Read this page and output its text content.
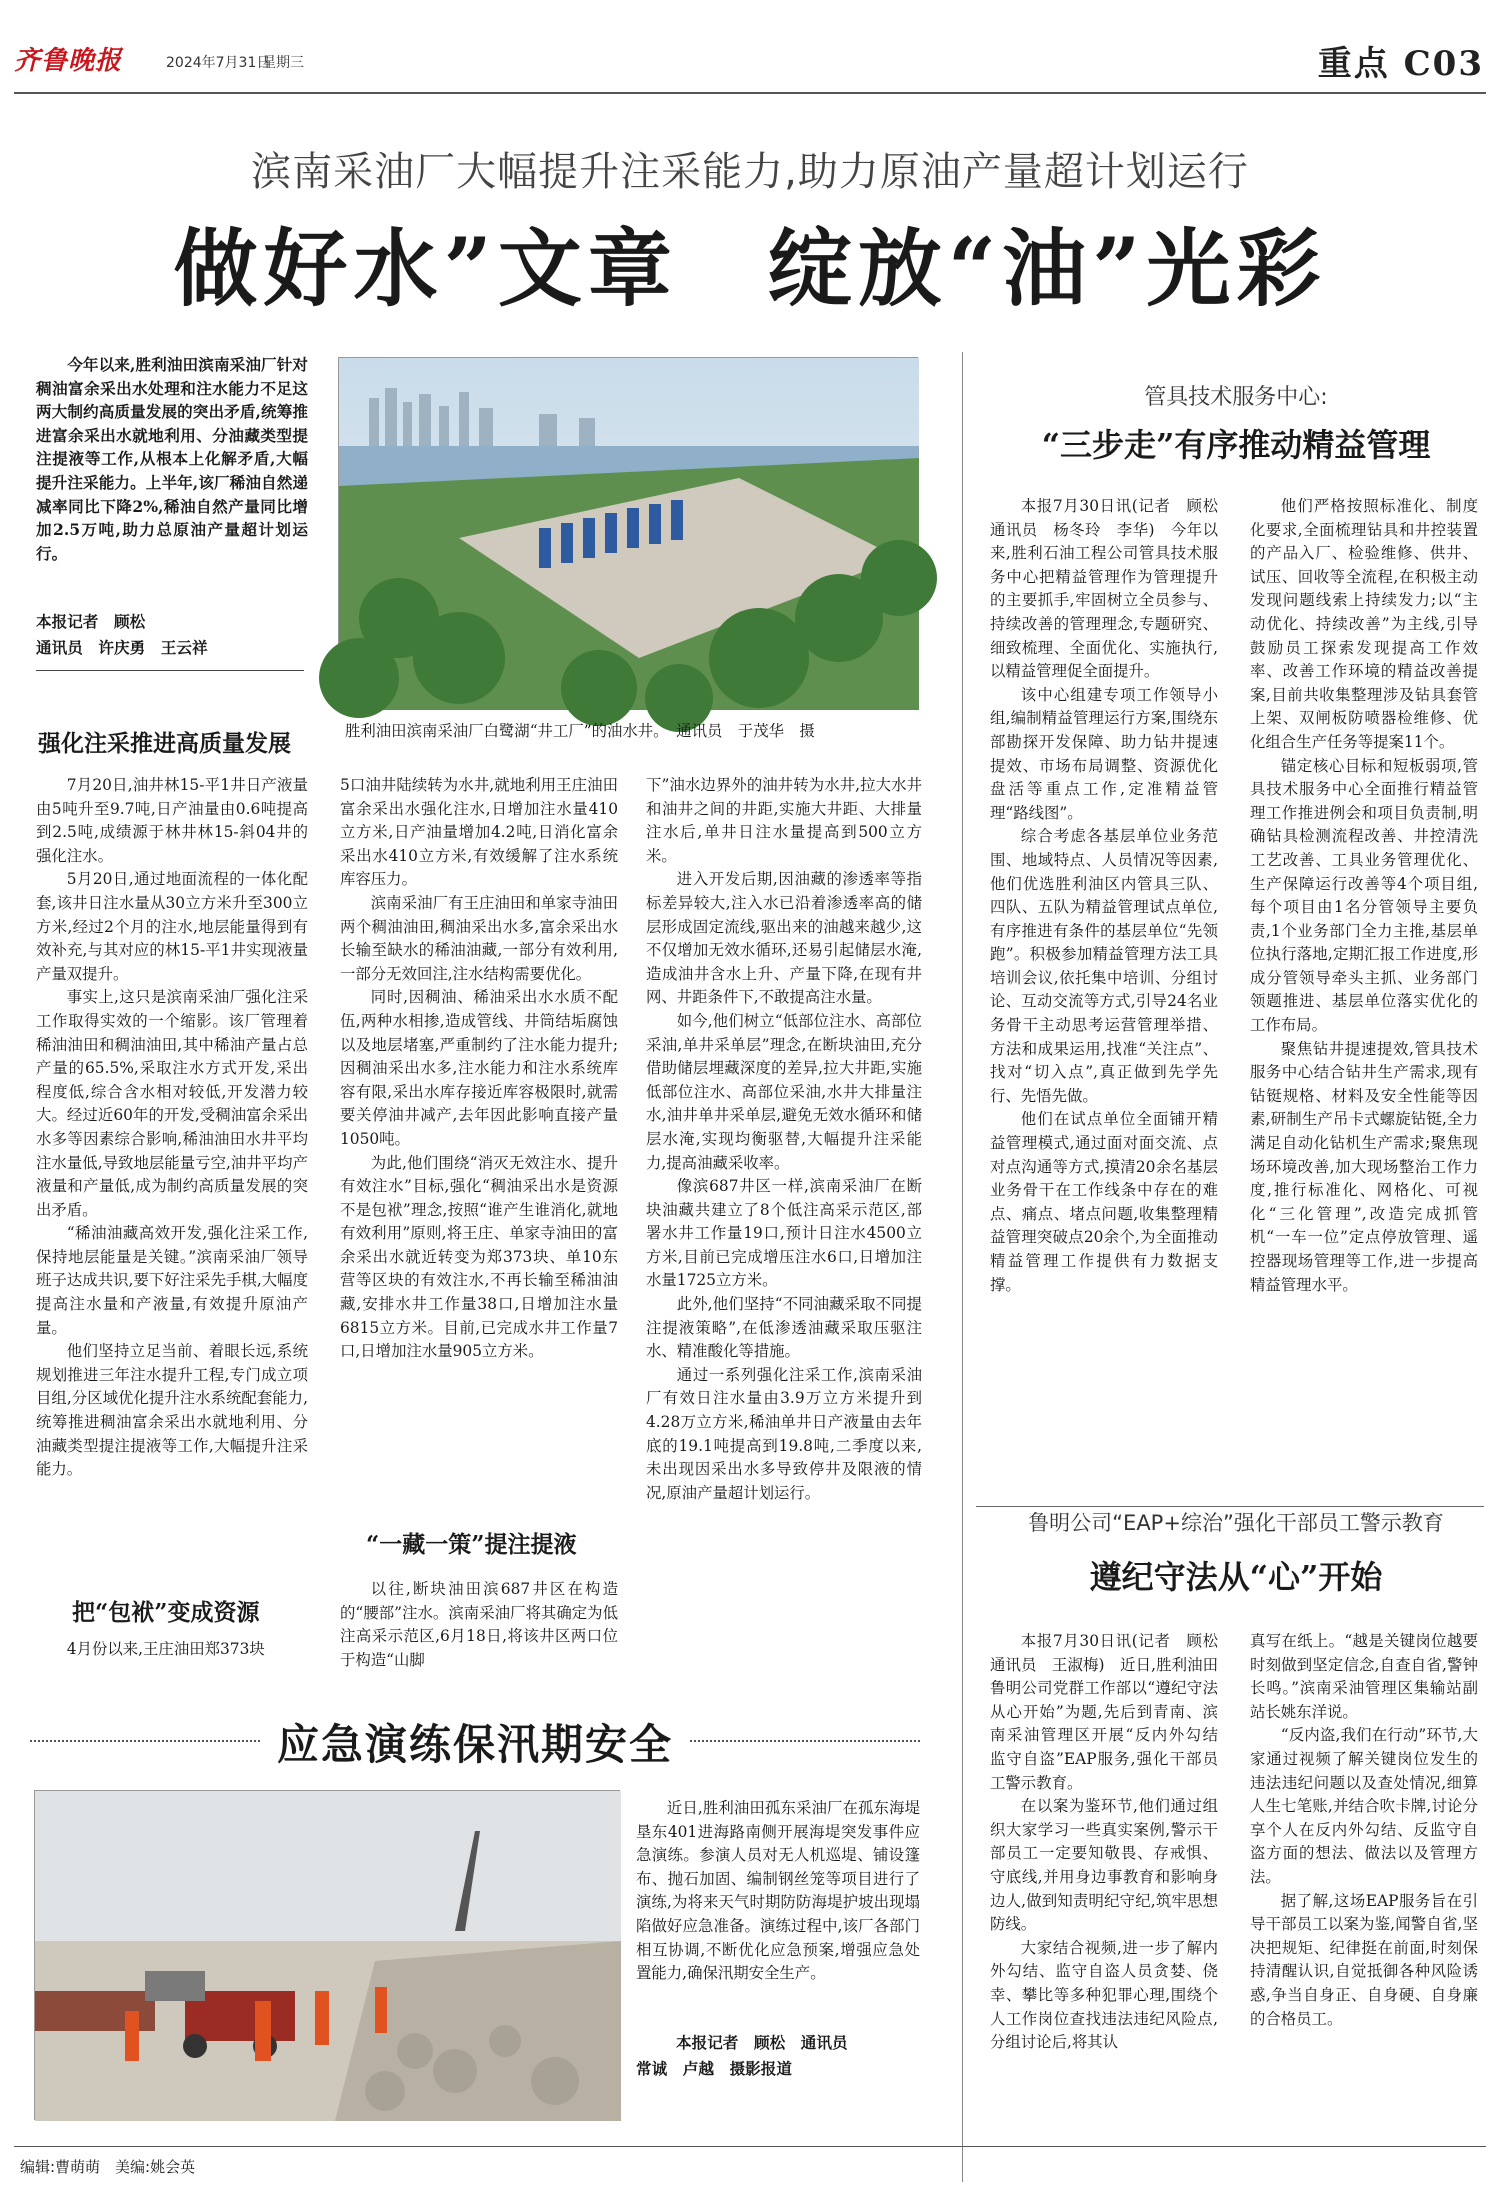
齐鲁晚报	2024年7月31日
星期三	重点 C03
滨南采油厂大幅提升注采能力,助力原油产量超计划运行
做好水”文章　绽放“油”光彩
今年以来,胜利油田滨南采油厂针对稠油富余采出水处理和注水能力不足这两大制约高质量发展的突出矛盾,统筹推进富余采出水就地利用、分油藏类型提注提液等工作,从根本上化解矛盾,大幅提升注采能力。上半年,该厂稀油自然递减率同比下降2%,稀油自然产量同比增加2.5万吨,助力总原油产量超计划运行。
本报记者　顾松
通讯员　许庆勇　王云祥
胜利油田滨南采油厂白鹭湖“井工厂”的油水井。　通讯员　于茂华　摄
强化注采推进高质量发展

7月20日,油井林15-平1井日产液量由5吨升至9.7吨,日产油量由0.6吨提高到2.5吨,成绩源于林井林15-斜04井的强化注水。

5月20日,通过地面流程的一体化配套,该井日注水量从30立方米升至300立方米,经过2个月的注水,地层能量得到有效补充,与其对应的林15-平1井实现液量产量双提升。

事实上,这只是滨南采油厂强化注采工作取得实效的一个缩影。该厂管理着稀油油田和稠油油田,其中稀油产量占总产量的65.5%,采取注水方式开发,采出程度低,综合含水相对较低,开发潜力较大。经过近60年的开发,受稠油富余采出水多等因素综合影响,稀油油田水井平均注水量低,导致地层能量亏空,油井平均产液量和产量低,成为制约高质量发展的突出矛盾。

“稀油油藏高效开发,强化注采工作,保持地层能量是关键。”滨南采油厂领导班子达成共识,要下好注采先手棋,大幅度提高注水量和产液量,有效提升原油产量。

他们坚持立足当前、着眼长远,系统规划推进三年注水提升工程,专门成立项目组,分区域优化提升注水系统配套能力,统筹推进稠油富余采出水就地利用、分油藏类型提注提液等工作,大幅提升注采能力。

把“包袱”变成资源
4月份以来,王庄油田郑373块

5口油井陆续转为水井,就地利用王庄油田富余采出水强化注水,日增加注水量410立方米,日产油量增加4.2吨,日消化富余采出水410立方米,有效缓解了注水系统库容压力。

滨南采油厂有王庄油田和单家寺油田两个稠油油田,稠油采出水多,富余采出水长输至缺水的稀油油藏,一部分有效利用,一部分无效回注,注水结构需要优化。

同时,因稠油、稀油采出水水质不配伍,两种水相掺,造成管线、井筒结垢腐蚀以及地层堵塞,严重制约了注水能力提升;因稠油采出水多,注水能力和注水系统库容有限,采出水库存接近库容极限时,就需要关停油井减产,去年因此影响直接产量1050吨。

为此,他们围绕“消灭无效注水、提升有效注水”目标,强化“稠油采出水是资源不是包袱”理念,按照“谁产生谁消化,就地有效利用”原则,将王庄、单家寺油田的富余采出水就近转变为郑373块、单10东营等区块的有效注水,不再长输至稀油油藏,安排水井工作量38口,日增加注水量6815立方米。目前,已完成水井工作量7口,日增加注水量905立方米。

“一藏一策”提注提液
以往,断块油田滨687井区在构造的“腰部”注水。滨南采油厂将其确定为低注高采示范区,6月18日,将该井区两口位于构造“山脚

下”油水边界外的油井转为水井,拉大水井和油井之间的井距,实施大井距、大排量注水后,单井日注水量提高到500立方米。

进入开发后期,因油藏的渗透率等指标差异较大,注入水已沿着渗透率高的储层形成固定流线,驱出来的油越来越少,这不仅增加无效水循环,还易引起储层水淹,造成油井含水上升、产量下降,在现有井网、井距条件下,不敢提高注水量。

如今,他们树立“低部位注水、高部位采油,单井采单层”理念,在断块油田,充分借助储层埋藏深度的差异,拉大井距,实施低部位注水、高部位采油,水井大排量注水,油井单井采单层,避免无效水循环和储层水淹,实现均衡驱替,大幅提升注采能力,提高油藏采收率。

像滨687井区一样,滨南采油厂在断块油藏共建立了8个低注高采示范区,部署水井工作量19口,预计日注水4500立方米,目前已完成增压注水6口,日增加注水量1725立方米。

此外,他们坚持“不同油藏采取不同提注提液策略”,在低渗透油藏采取压驱注水、精准酸化等措施。

通过一系列强化注采工作,滨南采油厂有效日注水量由3.9万立方米提升到4.28万立方米,稀油单井日产液量由去年底的19.1吨提高到19.8吨,二季度以来,未出现因采出水多导致停井及限液的情况,原油产量超计划运行。

应急演练保汛期安全
近日,胜利油田孤东采油厂在孤东海堤垦东401进海路南侧开展海堤突发事件应急演练。参演人员对无人机巡堤、铺设篷布、抛石加固、编制钢丝笼等项目进行了演练,为将来天气时期防防海堤护坡出现塌陷做好应急准备。演练过程中,该厂各部门相互协调,不断优化应急预案,增强应急处置能力,确保汛期安全生产。
本报记者　顾松　通讯员
常诚　卢越　摄影报道
管具技术服务中心:
“三步走”有序推动精益管理

本报7月30日讯(记者　顾松　通讯员　杨冬玲　李华)　今年以来,胜利石油工程公司管具技术服务中心把精益管理作为管理提升的主要抓手,牢固树立全员参与、持续改善的管理理念,专题研究、细致梳理、全面优化、实施执行,以精益管理促全面提升。

该中心组建专项工作领导小组,编制精益管理运行方案,围绕东部勘探开发保障、助力钻井提速提效、市场布局调整、资源优化盘活等重点工作,定准精益管理“路线图”。

综合考虑各基层单位业务范围、地域特点、人员情况等因素,他们优选胜利油区内管具三队、四队、五队为精益管理试点单位,有序推进有条件的基层单位“先领跑”。积极参加精益管理方法工具培训会议,依托集中培训、分组讨论、互动交流等方式,引导24名业务骨干主动思考运营管理举措、方法和成果运用,找准“关注点”、找对“切入点”,真正做到先学先行、先悟先做。

他们在试点单位全面铺开精益管理模式,通过面对面交流、点对点沟通等方式,摸清20余名基层业务骨干在工作线条中存在的难点、痛点、堵点问题,收集整理精益管理突破点20余个,为全面推动精益管理工作提供有力数据支撑。

他们严格按照标准化、制度化要求,全面梳理钻具和井控装置的产品入厂、检验维修、供井、试压、回收等全流程,在积极主动发现问题线索上持续发力;以“主动优化、持续改善”为主线,引导鼓励员工探索发现提高工作效率、改善工作环境的精益改善提案,目前共收集整理涉及钻具套管上架、双闸板防喷器检维修、优化组合生产任务等提案11个。

锚定核心目标和短板弱项,管具技术服务中心全面推行精益管理工作推进例会和项目负责制,明确钻具检测流程改善、井控清洗工艺改善、工具业务管理优化、生产保障运行改善等4个项目组,每个项目由1名分管领导主要负责,1个业务部门全力主推,基层单位执行落地,定期汇报工作进度,形成分管领导牵头主抓、业务部门领题推进、基层单位落实优化的工作布局。

聚焦钻井提速提效,管具技术服务中心结合钻井生产需求,现有钻铤规格、材料及安全性能等因素,研制生产吊卡式螺旋钻铤,全力满足自动化钻机生产需求;聚焦现场环境改善,加大现场整治工作力度,推行标准化、网格化、可视化“三化管理”,改造完成抓管机“一车一位”定点停放管理、遥控器现场管理等工作,进一步提高精益管理水平。

鲁明公司“EAP+综治”强化干部员工警示教育
遵纪守法从“心”开始

本报7月30日讯(记者　顾松　通讯员　王淑梅)　近日,胜利油田鲁明公司党群工作部以“遵纪守法从心开始”为题,先后到青南、滨南采油管理区开展“反内外勾结 监守自盗”EAP服务,强化干部员工警示教育。

在以案为鉴环节,他们通过组织大家学习一些真实案例,警示干部员工一定要知敬畏、存戒惧、守底线,并用身边事教育和影响身边人,做到知责明纪守纪,筑牢思想防线。

大家结合视频,进一步了解内外勾结、监守自盗人员贪婪、侥幸、攀比等多种犯罪心理,围绕个人工作岗位查找违法违纪风险点,分组讨论后,将其认

真写在纸上。“越是关键岗位越要时刻做到坚定信念,自查自省,警钟长鸣。”滨南采油管理区集输站副站长姚东洋说。

“反内盗,我们在行动”环节,大家通过视频了解关键岗位发生的违法违纪问题以及查处情况,细算人生七笔账,并结合吹卡牌,讨论分享个人在反内外勾结、反监守自盗方面的想法、做法以及管理方法。

据了解,这场EAP服务旨在引导干部员工以案为鉴,闻警自省,坚决把规矩、纪律挺在前面,时刻保持清醒认识,自觉抵御各种风险诱惑,争当自身正、自身硬、自身廉的合格员工。

编辑:曹萌萌　美编:姚会英
